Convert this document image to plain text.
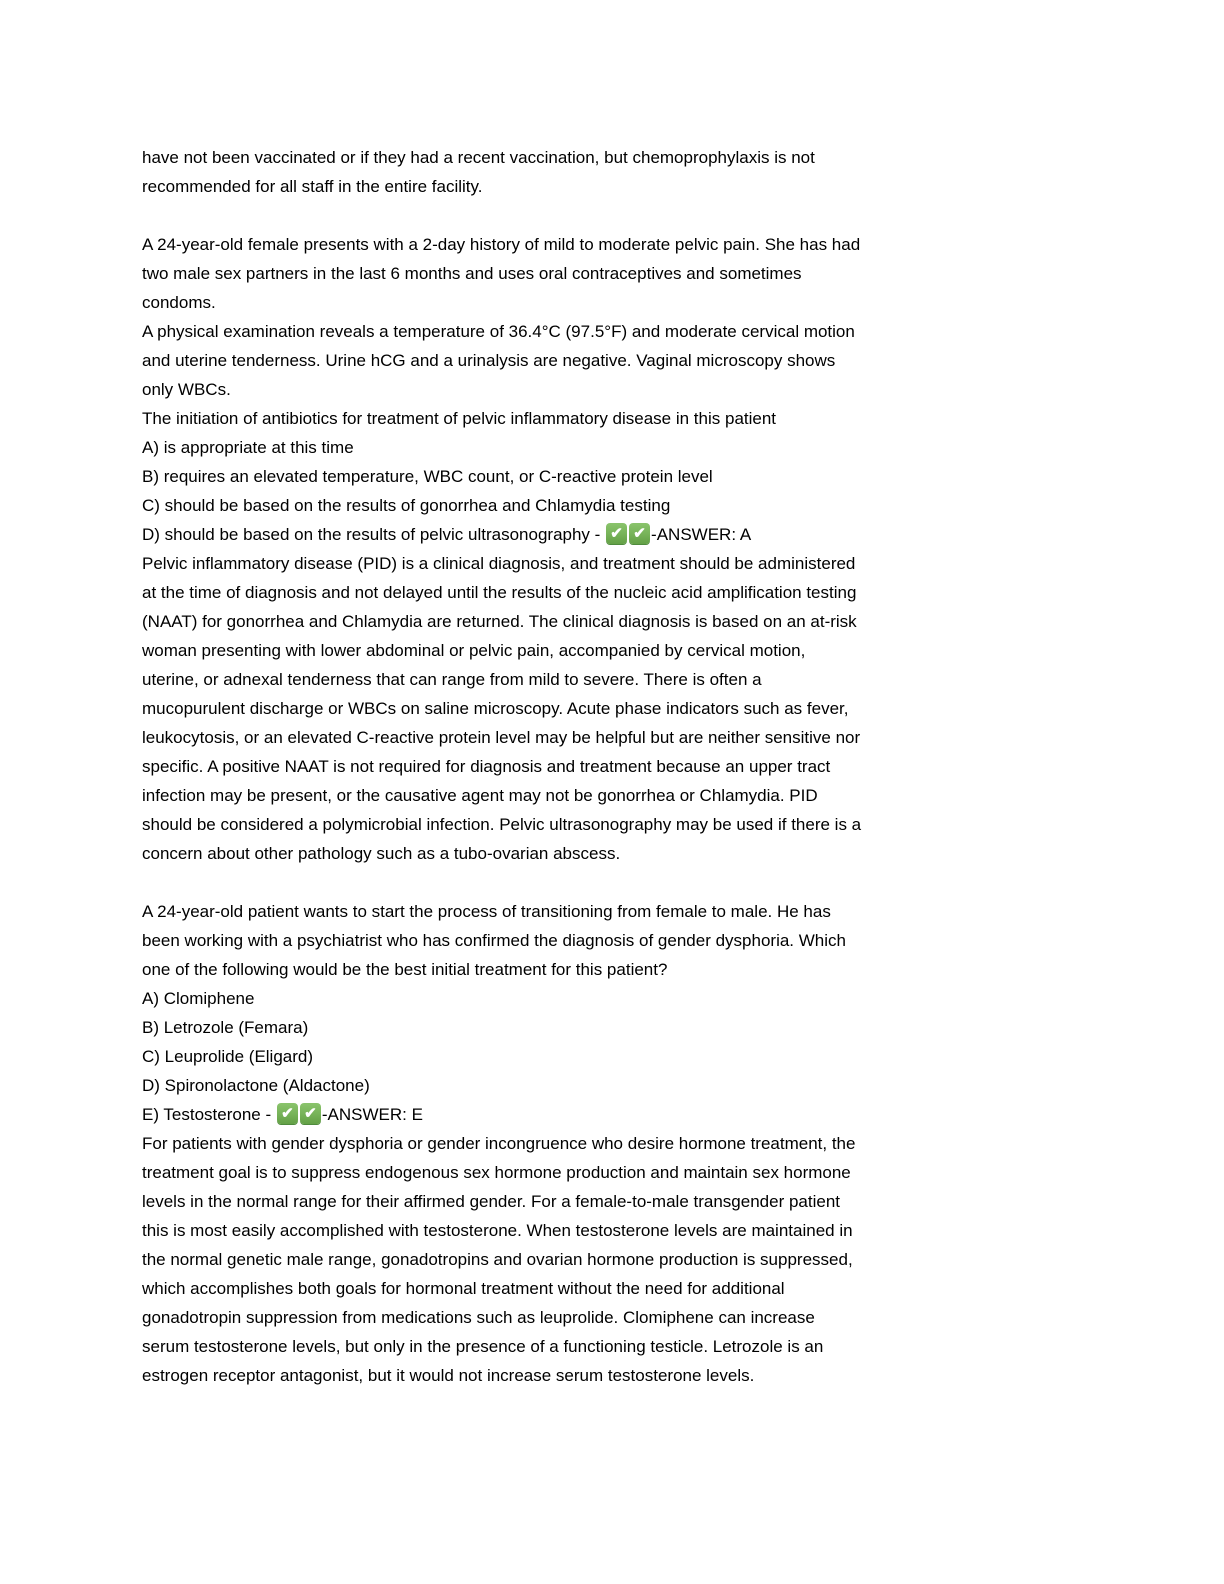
have not been vaccinated or if they had a recent vaccination, but chemoprophylaxis is not
recommended for all staff in the entire facility.
A 24-year-old female presents with a 2-day history of mild to moderate pelvic pain. She has had
two male sex partners in the last 6 months and uses oral contraceptives and sometimes
condoms.
A physical examination reveals a temperature of 36.4°C (97.5°F) and moderate cervical motion
and uterine tenderness. Urine hCG and a urinalysis are negative. Vaginal microscopy shows
only WBCs.
The initiation of antibiotics for treatment of pelvic inflammatory disease in this patient
A) is appropriate at this time
B) requires an elevated temperature, WBC count, or C-reactive protein level
C) should be based on the results of gonorrhea and Chlamydia testing
D) should be based on the results of pelvic ultrasonography - ✔ ✔	-ANSWER: A
Pelvic inflammatory disease (PID) is a clinical diagnosis, and treatment should be administered
at the time of diagnosis and not delayed until the results of the nucleic acid amplification testing
(NAAT) for gonorrhea and Chlamydia are returned. The clinical diagnosis is based on an at-risk
woman presenting with lower abdominal or pelvic pain, accompanied by cervical motion,
uterine, or adnexal tenderness that can range from mild to severe. There is often a
mucopurulent discharge or WBCs on saline microscopy. Acute phase indicators such as fever,
leukocytosis, or an elevated C-reactive protein level may be helpful but are neither sensitive nor
specific. A positive NAAT is not required for diagnosis and treatment because an upper tract
infection may be present, or the causative agent may not be gonorrhea or Chlamydia. PID
should be considered a polymicrobial infection. Pelvic ultrasonography may be used if there is a
concern about other pathology such as a tubo-ovarian abscess.
A 24-year-old patient wants to start the process of transitioning from female to male. He has
been working with a psychiatrist who has confirmed the diagnosis of gender dysphoria. Which
one of the following would be the best initial treatment for this patient?
A) Clomiphene
B) Letrozole (Femara)
C) Leuprolide (Eligard)
D) Spironolactone (Aldactone)
E) Testosterone - ✔ ✔	-ANSWER: E
For patients with gender dysphoria or gender incongruence who desire hormone treatment, the
treatment goal is to suppress endogenous sex hormone production and maintain sex hormone
levels in the normal range for their affirmed gender. For a female-to-male transgender patient
this is most easily accomplished with testosterone. When testosterone levels are maintained in
the normal genetic male range, gonadotropins and ovarian hormone production is suppressed,
which accomplishes both goals for hormonal treatment without the need for additional
gonadotropin suppression from medications such as leuprolide. Clomiphene can increase
serum testosterone levels, but only in the presence of a functioning testicle. Letrozole is an
estrogen receptor antagonist, but it would not increase serum testosterone levels.
